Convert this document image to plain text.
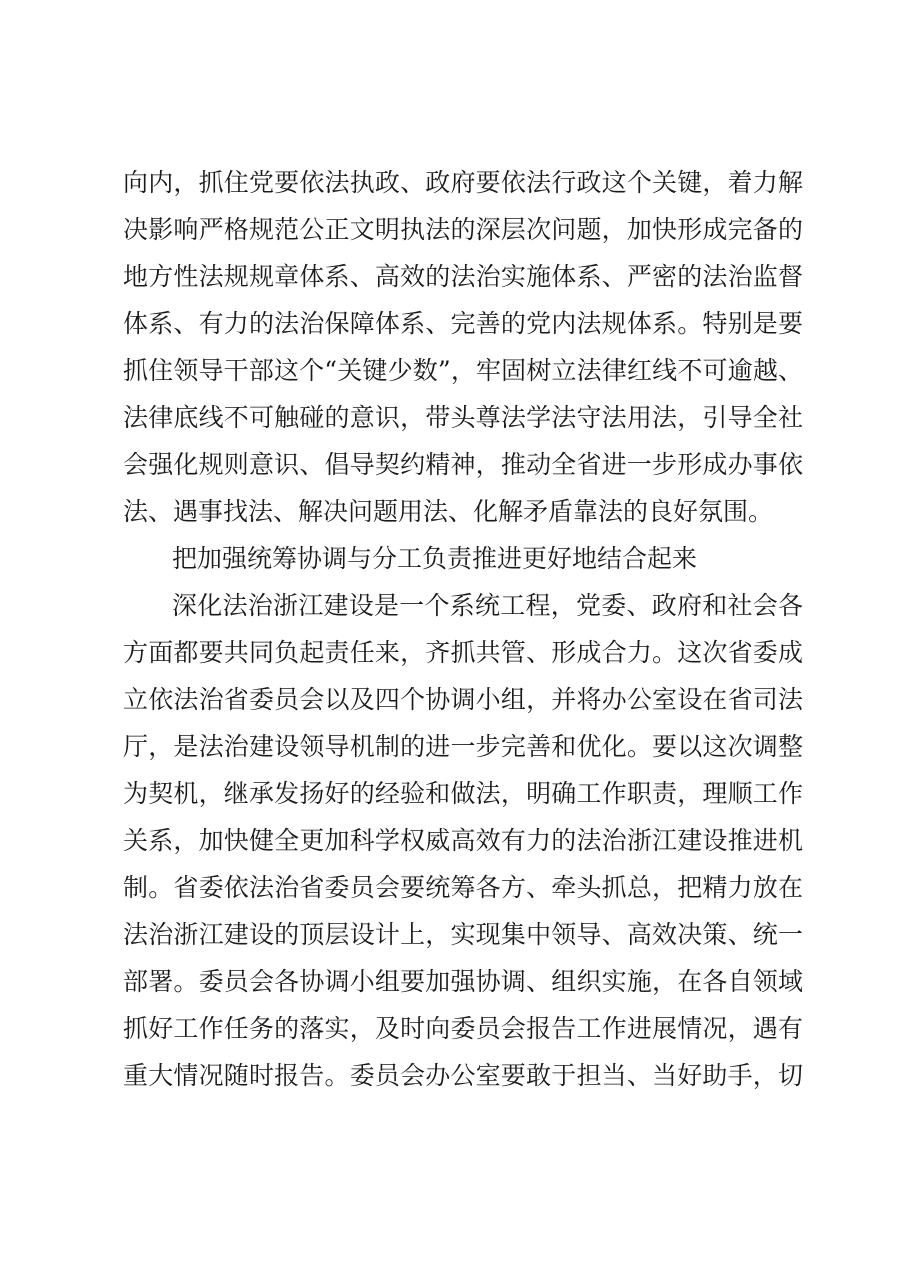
向内，抓住党要依法执政、政府要依法行政这个关键，着力解
决影响严格规范公正文明执法的深层次问题，加快形成完备的
地方性法规规章体系、高效的法治实施体系、严密的法治监督
体系、有力的法治保障体系、完善的党内法规体系。特别是要
抓住领导干部这个“关键少数”，牢固树立法律红线不可逾越、
法律底线不可触碰的意识，带头尊法学法守法用法，引导全社
会强化规则意识、倡导契约精神，推动全省进一步形成办事依
法、遇事找法、解决问题用法、化解矛盾靠法的良好氛围。
把加强统筹协调与分工负责推进更好地结合起来
深化法治浙江建设是一个系统工程，党委、政府和社会各
方面都要共同负起责任来，齐抓共管、形成合力。这次省委成
立依法治省委员会以及四个协调小组，并将办公室设在省司法
厅，是法治建设领导机制的进一步完善和优化。要以这次调整
为契机，继承发扬好的经验和做法，明确工作职责，理顺工作
关系，加快健全更加科学权威高效有力的法治浙江建设推进机
制。省委依法治省委员会要统筹各方、牵头抓总，把精力放在
法治浙江建设的顶层设计上，实现集中领导、高效决策、统一
部署。委员会各协调小组要加强协调、组织实施，在各自领域
抓好工作任务的落实，及时向委员会报告工作进展情况，遇有
重大情况随时报告。委员会办公室要敢于担当、当好助手，切
